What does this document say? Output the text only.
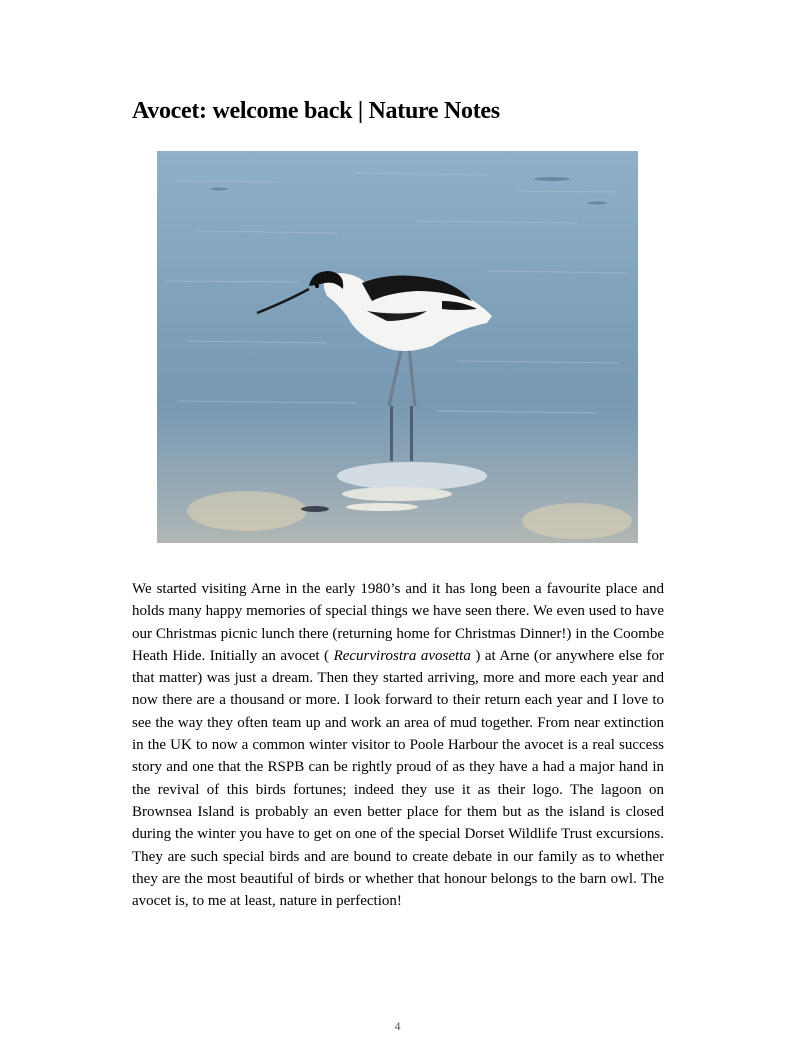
Avocet: welcome back | Nature Notes

We started visiting Arne in the early 1980’s and it has long been a favourite place and holds many happy memories of special things we have seen there. We even used to have our Christmas picnic lunch there (returning home for Christmas Dinner!) in the Coombe Heath Hide. Initially an avocet ( Recurvirostra avosetta ) at Arne (or anywhere else for that matter) was just a dream. Then they started arriving, more and more each year and now there are a thousand or more. I look forward to their return each year and I love to see the way they often team up and work an area of mud together. From near extinction in the UK to now a common winter visitor to Poole Harbour the avocet is a real success story and one that the RSPB can be rightly proud of as they have a had a major hand in the revival of this birds fortunes; indeed they use it as their logo. The lagoon on Brownsea Island is probably an even better place for them but as the island is closed during the winter you have to get on one of the special Dorset Wildlife Trust excursions. They are such special birds and are bound to create debate in our family as to whether they are the most beautiful of birds or whether that honour belongs to the barn owl. The avocet is, to me at least, nature in perfection!

4
